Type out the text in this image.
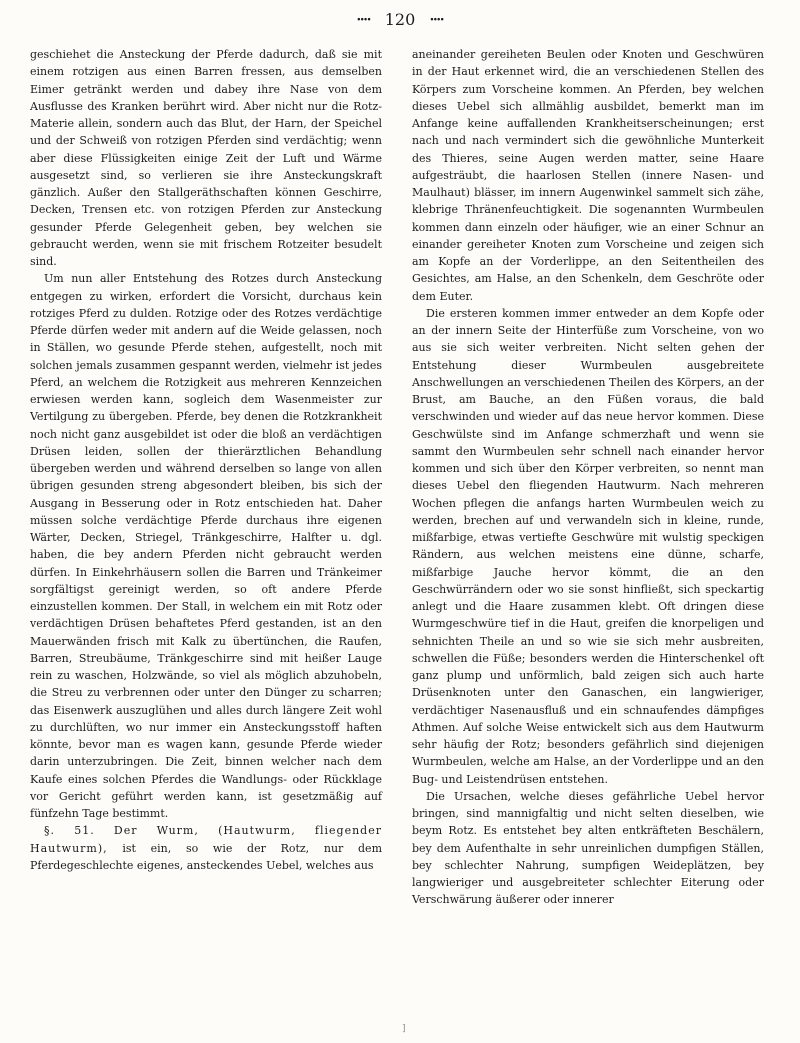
∙∙∙∙ 120 ∙∙∙∙

geschiehet die Ansteckung der Pferde dadurch, daß sie mit einem rotzigen aus einen Barren fressen, aus demselben Eimer getränkt werden und dabey ihre Nase von dem Ausflusse des Kranken berührt wird. Aber nicht nur die Rotz-Materie allein, sondern auch das Blut, der Harn, der Speichel und der Schweiß von rotzigen Pferden sind verdächtig; wenn aber diese Flüssigkeiten einige Zeit der Luft und Wärme ausgesetzt sind, so verlieren sie ihre Ansteckungskraft gänzlich. Außer den Stallgeräthschaften können Geschirre, Decken, Trensen etc. von rotzigen Pferden zur Ansteckung gesunder Pferde Gelegenheit geben, bey welchen sie gebraucht werden, wenn sie mit frischem Rotzeiter besudelt sind.

Um nun aller Entstehung des Rotzes durch Ansteckung entgegen zu wirken, erfordert die Vorsicht, durchaus kein rotziges Pferd zu dulden. Rotzige oder des Rotzes verdächtige Pferde dürfen weder mit andern auf die Weide gelassen, noch in Ställen, wo gesunde Pferde stehen, aufgestellt, noch mit solchen jemals zusammen gespannt werden, vielmehr ist jedes Pferd, an welchem die Rotzigkeit aus mehreren Kennzeichen erwiesen werden kann, sogleich dem Wasenmeister zur Vertilgung zu übergeben. Pferde, bey denen die Rotzkrankheit noch nicht ganz ausgebildet ist oder die bloß an verdächtigen Drüsen leiden, sollen der thierärztlichen Behandlung übergeben werden und während derselben so lange von allen übrigen gesunden streng abgesondert bleiben, bis sich der Ausgang in Besserung oder in Rotz entschieden hat. Daher müssen solche verdächtige Pferde durchaus ihre eigenen Wärter, Decken, Striegel, Tränkgeschirre, Halfter u. dgl. haben, die bey andern Pferden nicht gebraucht werden dürfen. In Einkehrhäusern sollen die Barren und Tränkeimer sorgfältigst gereinigt werden, so oft andere Pferde einzustellen kommen. Der Stall, in welchem ein mit Rotz oder verdächtigen Drüsen behaftetes Pferd gestanden, ist an den Mauerwänden frisch mit Kalk zu übertünchen, die Raufen, Barren, Streubäume, Tränkgeschirre sind mit heißer Lauge rein zu waschen, Holzwände, so viel als möglich abzuhobeln, die Streu zu verbrennen oder unter den Dünger zu scharren; das Eisenwerk auszuglühen und alles durch längere Zeit wohl zu durchlüften, wo nur immer ein Ansteckungsstoff haften könnte, bevor man es wagen kann, gesunde Pferde wieder darin unterzubringen. Die Zeit, binnen welcher nach dem Kaufe eines solchen Pferdes die Wandlungs- oder Rückklage vor Gericht geführt werden kann, ist gesetzmäßig auf fünfzehn Tage bestimmt.

§. 51. Der Wurm, (Hautwurm, fliegender Hautwurm), ist ein, so wie der Rotz, nur dem Pferdegeschlechte eigenes, ansteckendes Uebel, welches aus

aneinander gereiheten Beulen oder Knoten und Geschwüren in der Haut erkennet wird, die an verschiedenen Stellen des Körpers zum Vorscheine kommen. An Pferden, bey welchen dieses Uebel sich allmählig ausbildet, bemerkt man im Anfange keine auffallenden Krankheitserscheinungen; erst nach und nach vermindert sich die gewöhnliche Munterkeit des Thieres, seine Augen werden matter, seine Haare aufgesträubt, die haarlosen Stellen (innere Nasen- und Maulhaut) blässer, im innern Augenwinkel sammelt sich zähe, klebrige Thränenfeuchtigkeit. Die sogenannten Wurmbeulen kommen dann einzeln oder häufiger, wie an einer Schnur an einander gereiheter Knoten zum Vorscheine und zeigen sich am Kopfe an der Vorderlippe, an den Seitentheilen des Gesichtes, am Halse, an den Schenkeln, dem Geschröte oder dem Euter.

Die ersteren kommen immer entweder an dem Kopfe oder an der innern Seite der Hinterfüße zum Vorscheine, von wo aus sie sich weiter verbreiten. Nicht selten gehen der Entstehung dieser Wurmbeulen ausgebreitete Anschwellungen an verschiedenen Theilen des Körpers, an der Brust, am Bauche, an den Füßen voraus, die bald verschwinden und wieder auf das neue hervor kommen. Diese Geschwülste sind im Anfange schmerzhaft und wenn sie sammt den Wurmbeulen sehr schnell nach einander hervor kommen und sich über den Körper verbreiten, so nennt man dieses Uebel den fliegenden Hautwurm. Nach mehreren Wochen pflegen die anfangs harten Wurmbeulen weich zu werden, brechen auf und verwandeln sich in kleine, runde, mißfarbige, etwas vertiefte Geschwüre mit wulstig speckigen Rändern, aus welchen meistens eine dünne, scharfe, mißfarbige Jauche hervor kömmt, die an den Geschwürrändern oder wo sie sonst hinfließt, sich speckartig anlegt und die Haare zusammen klebt. Oft dringen diese Wurmgeschwüre tief in die Haut, greifen die knorpeligen und sehnichten Theile an und so wie sie sich mehr ausbreiten, schwellen die Füße; besonders werden die Hinterschenkel oft ganz plump und unförmlich, bald zeigen sich auch harte Drüsenknoten unter den Ganaschen, ein langwieriger, verdächtiger Nasenausfluß und ein schnaufendes dämpfiges Athmen. Auf solche Weise entwickelt sich aus dem Hautwurm sehr häufig der Rotz; besonders gefährlich sind diejenigen Wurmbeulen, welche am Halse, an der Vorderlippe und an den Bug- und Leistendrüsen entstehen.

Die Ursachen, welche dieses gefährliche Uebel hervor bringen, sind mannigfaltig und nicht selten dieselben, wie beym Rotz. Es entstehet bey alten entkräfteten Beschälern, bey dem Aufenthalte in sehr unreinlichen dumpfigen Ställen, bey schlechter Nahrung, sumpfigen Weideplätzen, bey langwieriger und ausgebreiteter schlechter Eiterung oder Verschwärung äußerer oder innerer

]
